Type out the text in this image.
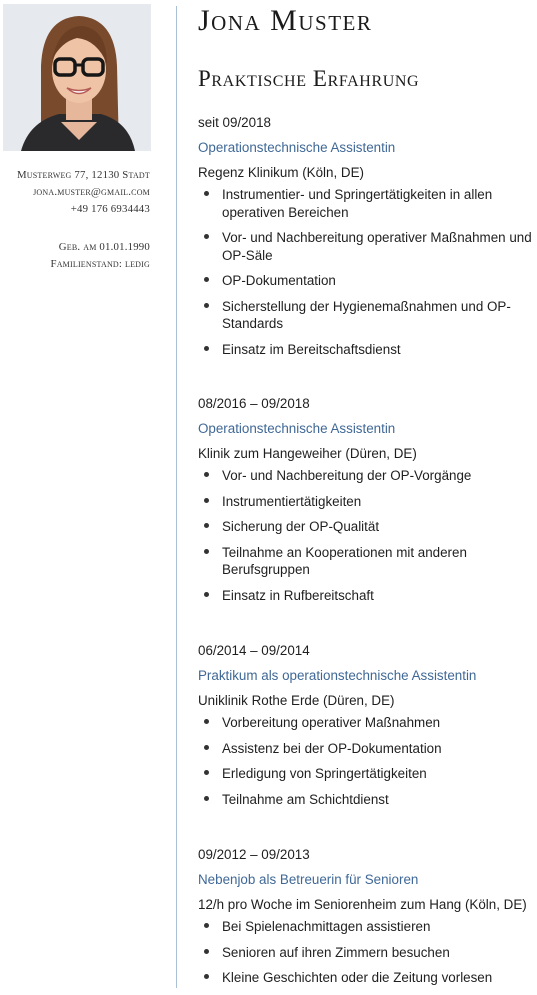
Musterweg 77, 12130 Stadt
jona.muster@gmail.com
+49 176 6934443
Geb. am 01.01.1990
Familienstand: ledig
Jona Muster
Praktische Erfahrung
seit 09/2018
Operationstechnische Assistentin
Regenz Klinikum (Köln, DE)
Instrumentier- und Springertätigkeiten in allen operativen Bereichen
Vor- und Nachbereitung operativer Maßnahmen und OP-Säle
OP-Dokumentation
Sicherstellung der Hygienemaßnahmen und OP-Standards
Einsatz im Bereitschaftsdienst
08/2016 – 09/2018
Operationstechnische Assistentin
Klinik zum Hangeweiher (Düren, DE)
Vor- und Nachbereitung der OP-Vorgänge
Instrumentiertätigkeiten
Sicherung der OP-Qualität
Teilnahme an Kooperationen mit anderen Berufsgruppen
Einsatz in Rufbereitschaft
06/2014 – 09/2014
Praktikum als operationstechnische Assistentin
Uniklinik Rothe Erde (Düren, DE)
Vorbereitung operativer Maßnahmen
Assistenz bei der OP-Dokumentation
Erledigung von Springertätigkeiten
Teilnahme am Schichtdienst
09/2012 – 09/2013
Nebenjob als Betreuerin für Senioren
12/h pro Woche im Seniorenheim zum Hang (Köln, DE)
Bei Spielenachmittagen assistieren
Senioren auf ihren Zimmern besuchen
Kleine Geschichten oder die Zeitung vorlesen
